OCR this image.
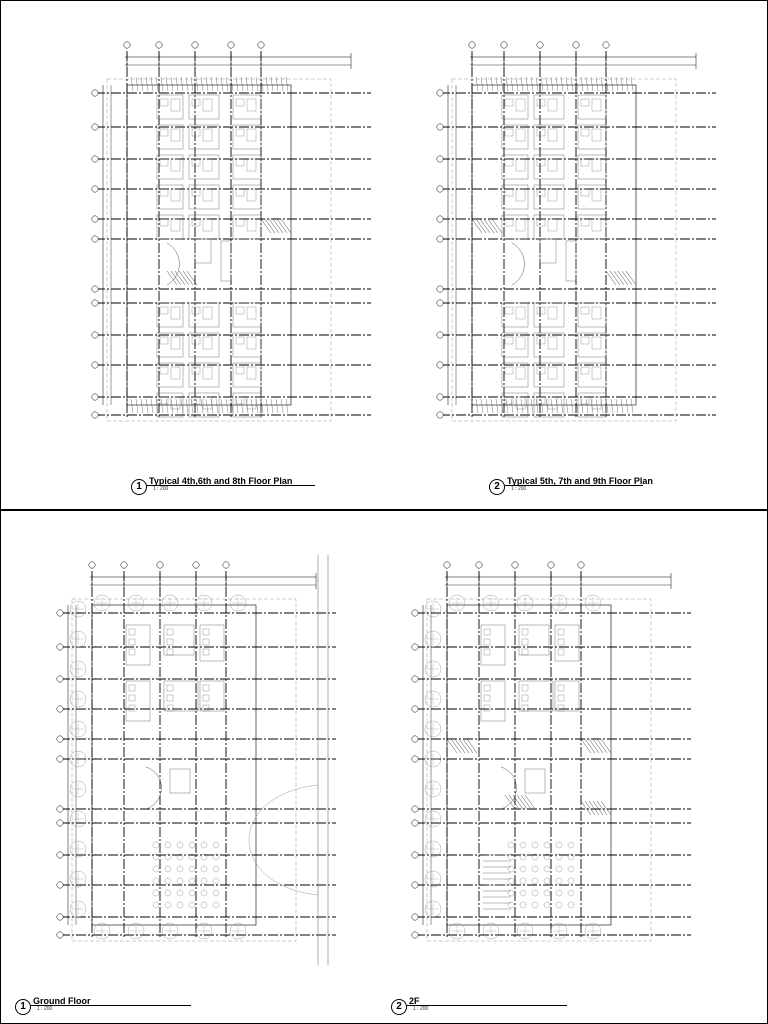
1 Typical 4th,6th and 8th Floor Plan
1 : 200	2 Typical 5th, 7th and 9th Floor Plan
1 : 200
1 Ground Floor
1 : 200	2 2F
1 : 200
